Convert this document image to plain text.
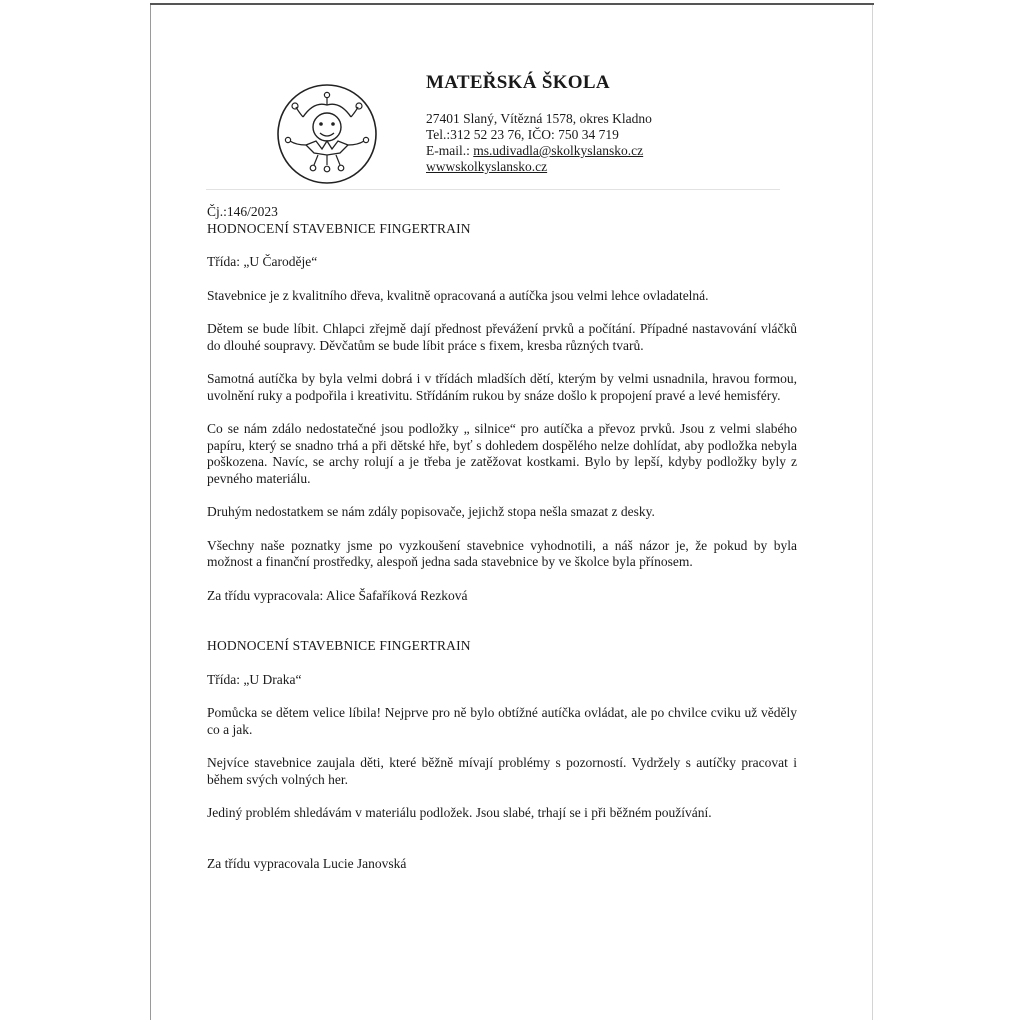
MATEŘSKÁ ŠKOLA
27401 Slaný, Vítězná 1578, okres Kladno
Tel.:312 52 23 76, IČO: 750 34 719
E-mail.: ms.udivadla@skolkyslansko.cz
wwwskolkyslansko.cz

Čj.:146/2023

HODNOCENÍ STAVEBNICE FINGERTRAIN

Třída: „U Čaroděje“

Stavebnice je z kvalitního dřeva, kvalitně opracovaná a autíčka jsou velmi lehce ovladatelná.

Dětem se bude líbit. Chlapci zřejmě dají přednost převážení prvků a počítání. Případné nastavování vláčků do dlouhé soupravy. Děvčatům se bude líbit práce s fixem, kresba různých tvarů.

Samotná autíčka by byla velmi dobrá i v třídách mladších dětí, kterým by velmi usnadnila, hravou formou, uvolnění ruky a podpořila i kreativitu. Střídáním rukou by snáze došlo k propojení pravé a levé hemisféry.

Co se nám zdálo nedostatečné jsou podložky „ silnice“ pro autíčka a převoz prvků. Jsou z velmi slabého papíru, který se snadno trhá a při dětské hře, byť s dohledem dospělého nelze dohlídat, aby podložka nebyla poškozena. Navíc, se archy rolují a je třeba je zatěžovat kostkami. Bylo by lepší, kdyby podložky byly z pevného materiálu.

Druhým nedostatkem se nám zdály popisovače, jejichž stopa nešla smazat z desky.

Všechny naše poznatky jsme po vyzkoušení stavebnice vyhodnotili, a náš názor je, že pokud by byla možnost a finanční prostředky, alespoň jedna sada stavebnice by ve školce byla přínosem.

Za třídu vypracovala: Alice Šafaříková Rezková

HODNOCENÍ STAVEBNICE FINGERTRAIN

Třída: „U Draka“

Pomůcka se dětem velice líbila! Nejprve pro ně bylo obtížné autíčka ovládat, ale po chvilce cviku už věděly co a jak.

Nejvíce stavebnice zaujala děti, které běžně mívají problémy s pozorností. Vydržely s autíčky pracovat i během svých volných her.

Jediný problém shledávám v materiálu podložek. Jsou slabé, trhají se i při běžném používání.

Za třídu vypracovala Lucie Janovská
